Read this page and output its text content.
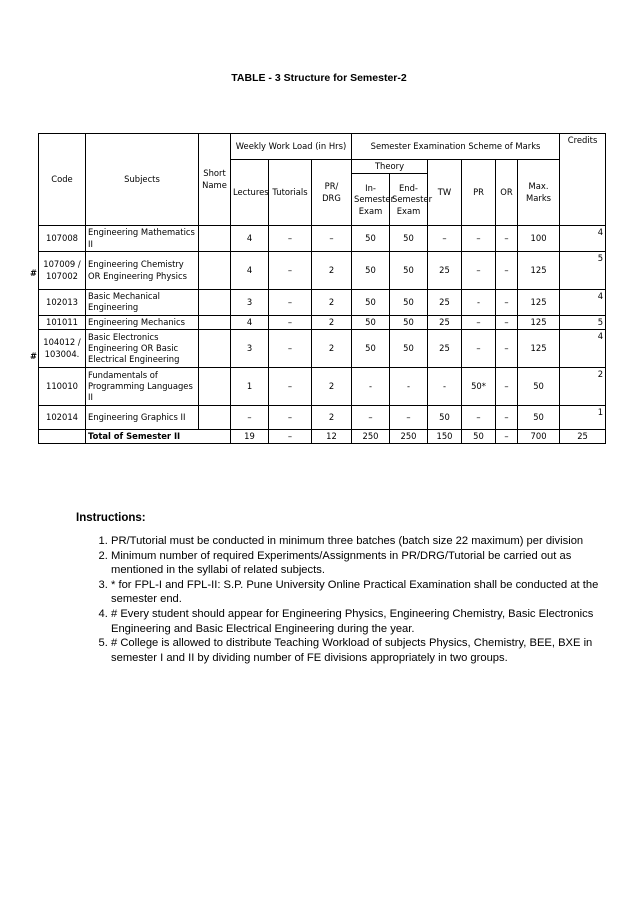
TABLE - 3 Structure for Semester-2
Code	Subjects	Short Name	Weekly Work Load (in Hrs)			Semester Examination Scheme of Marks						Credits
			Lectures	Tutorials	PR/ DRG	Theory		TW	PR	OR	Max. Marks	
						In-Semester Exam	End-Semester Exam					
107008	Engineering Mathematics II		4	–	–	50	50	–	–	–	100	4
107009 / 107002	Engineering Chemistry OR Engineering Physics		4	–	2	50	50	25	–	–	125	5
102013	Basic Mechanical Engineering		3	–	2	50	50	25	-	–	125	4
101011	Engineering Mechanics		4	–	2	50	50	25	–	–	125	5
104012 / 103004.	Basic Electronics Engineering OR Basic Electrical Engineering		3	–	2	50	50	25	–	–	125	4
110010	Fundamentals of Programming Languages II		1	–	2	-	-	-	50*	–	50	2
102014	Engineering Graphics II		–	–	2	–	–	50	–	–	50	1
	Total of Semester II		19	–	12	250	250	150	50	–	700	25
#
#
Instructions:
1. PR/Tutorial must be conducted in minimum three batches (batch size 22 maximum) per division
2. Minimum number of required Experiments/Assignments in PR/DRG/Tutorial be carried out as mentioned in the syllabi of related subjects.
3. * for FPL-I and FPL-II: S.P. Pune University Online Practical Examination shall be conducted at the semester end.
4. # Every student should appear for Engineering Physics, Engineering Chemistry, Basic Electronics Engineering and Basic Electrical Engineering during the year.
5. # College is allowed to distribute Teaching Workload of subjects Physics, Chemistry, BEE, BXE in semester I and II by dividing number of FE divisions appropriately in two groups.
